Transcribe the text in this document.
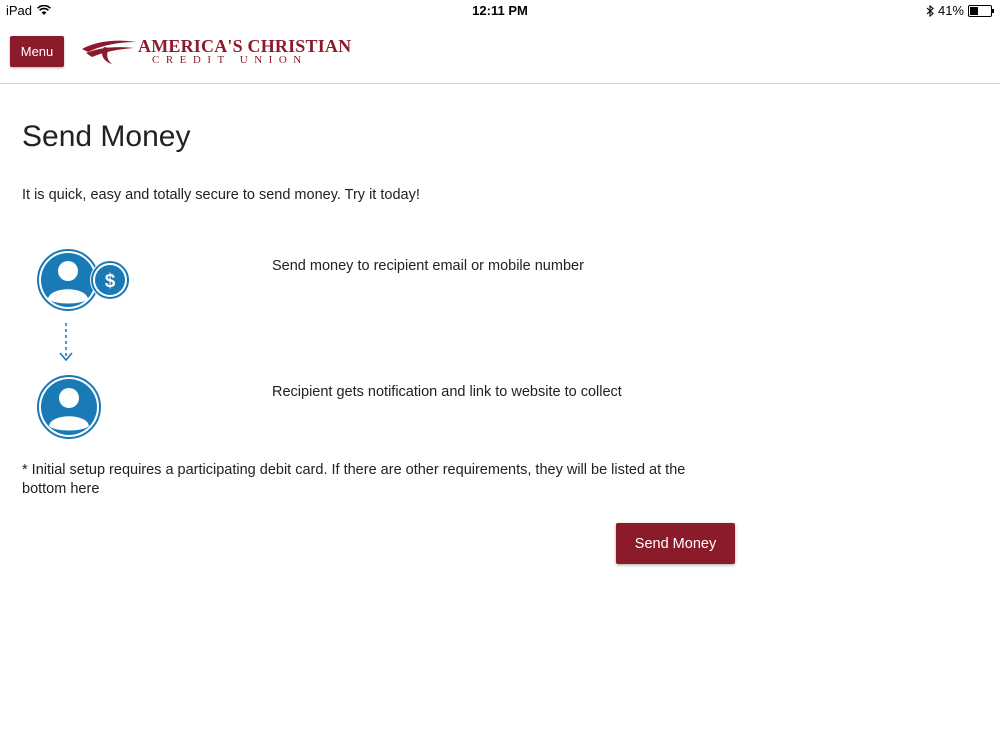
iPad	12:11 PM	41%
Menu	AMERICA'S CHRISTIAN
CREDIT UNION
Send Money
It is quick, easy and totally secure to send money. Try it today!
$
Send money to recipient email or mobile number
Recipient gets notification and link to website to collect
* Initial setup requires a participating debit card. If there are other requirements, they will be listed at the bottom here
Send Money
